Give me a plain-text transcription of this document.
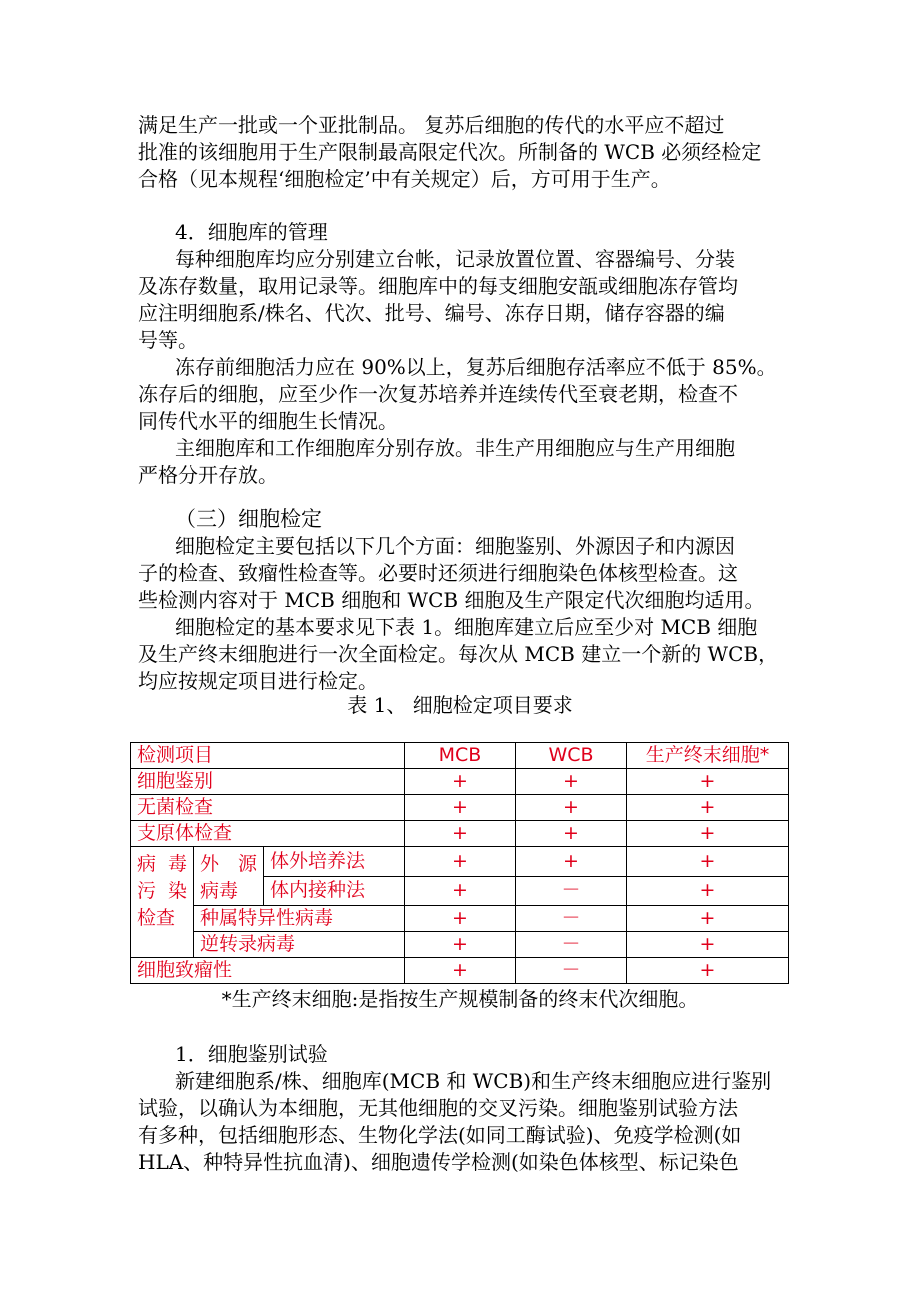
满足生产一批或一个亚批制品。 复苏后细胞的传代的水平应不超过
批准的该细胞用于生产限制最高限定代次。所制备的 WCB 必须经检定
合格（见本规程‘细胞检定’中有关规定）后，方可用于生产。
4．细胞库的管理
每种细胞库均应分别建立台帐，记录放置位置、容器编号、分装
及冻存数量，取用记录等。细胞库中的每支细胞安瓿或细胞冻存管均
应注明细胞系/株名、代次、批号、编号、冻存日期，储存容器的编
号等。
冻存前细胞活力应在 90%以上，复苏后细胞存活率应不低于 85%。
冻存后的细胞，应至少作一次复苏培养并连续传代至衰老期，检查不
同传代水平的细胞生长情况。
主细胞库和工作细胞库分别存放。非生产用细胞应与生产用细胞
严格分开存放。
（三）细胞检定
细胞检定主要包括以下几个方面：细胞鉴别、外源因子和内源因
子的检查、致瘤性检查等。必要时还须进行细胞染色体核型检查。这
些检测内容对于 MCB 细胞和 WCB 细胞及生产限定代次细胞均适用。
细胞检定的基本要求见下表 1。细胞库建立后应至少对 MCB 细胞
及生产终末细胞进行一次全面检定。每次从 MCB 建立一个新的 WCB，
均应按规定项目进行检定。
表 1、 细胞检定项目要求
检测项目			MCB	WCB	生产终末细胞*
细胞鉴别			+	+	+
无菌检查			+	+	+
支原体检查			+	+	+
病 毒 污 染 检查	外源 病毒	体外培养法	+	+	+
		体内接种法	+	－	+
	种属特异性病毒		+	－	+
	逆转录病毒		+	－	+
细胞致瘤性			+	－	+
*生产终末细胞:是指按生产规模制备的终末代次细胞。
1．细胞鉴别试验
新建细胞系/株、细胞库(MCB 和 WCB)和生产终末细胞应进行鉴别
试验，以确认为本细胞，无其他细胞的交叉污染。细胞鉴别试验方法
有多种，包括细胞形态、生物化学法(如同工酶试验)、免疫学检测(如
HLA、种特异性抗血清)、细胞遗传学检测(如染色体核型、标记染色
